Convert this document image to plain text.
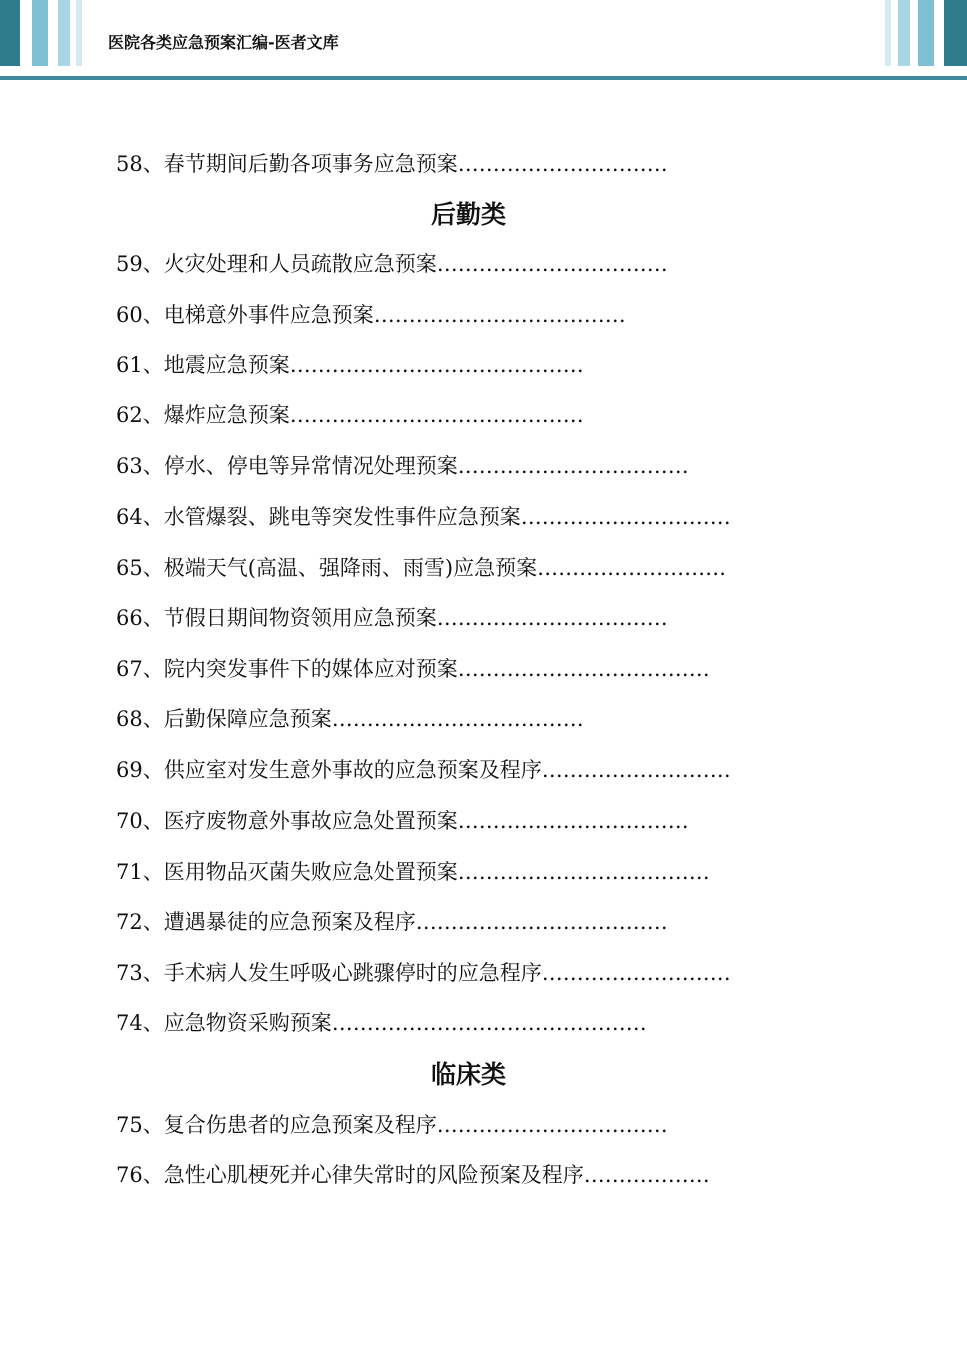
医院各类应急预案汇编-医者文库
58、春节期间后勤各项事务应急预案…………………………
后勤类
59、火灾处理和人员疏散应急预案……………………………
60、电梯意外事件应急预案………………………………
61、地震应急预案……………………………………
62、爆炸应急预案……………………………………
63、停水、停电等异常情况处理预案……………………………
64、水管爆裂、跳电等突发性事件应急预案…………………………
65、极端天气(高温、强降雨、雨雪)应急预案………………………
66、节假日期间物资领用应急预案……………………………
67、院内突发事件下的媒体应对预案………………………………
68、后勤保障应急预案………………………………
69、供应室对发生意外事故的应急预案及程序………………………
70、医疗废物意外事故应急处置预案……………………………
71、医用物品灭菌失败应急处置预案………………………………
72、遭遇暴徒的应急预案及程序………………………………
73、手术病人发生呼吸心跳骤停时的应急程序………………………
74、应急物资采购预案………………………………………
临床类
75、复合伤患者的应急预案及程序……………………………
76、急性心肌梗死并心律失常时的风险预案及程序………………
